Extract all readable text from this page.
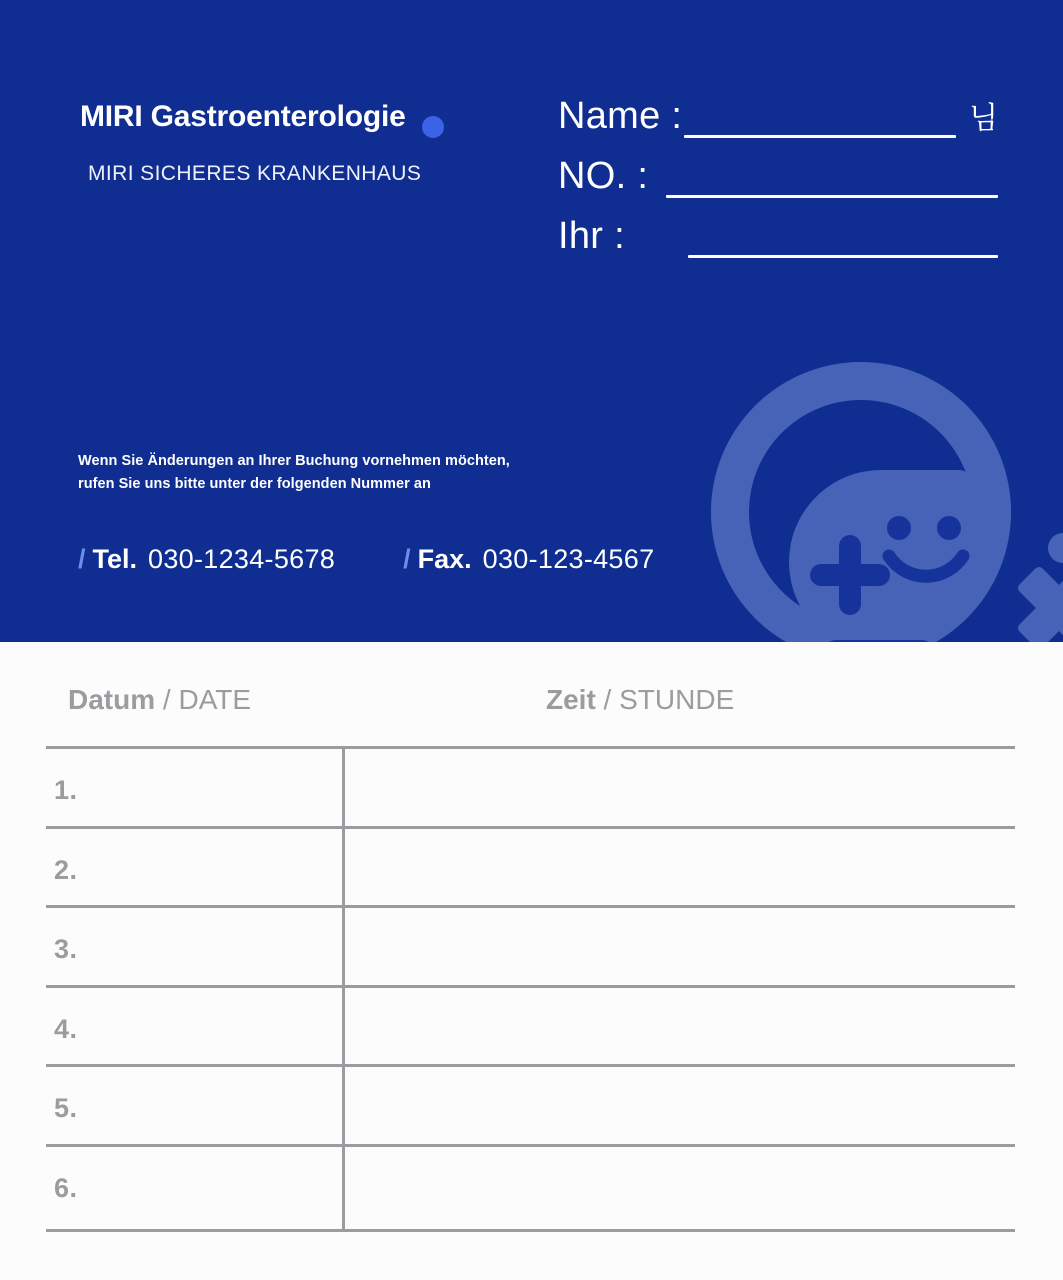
MIRI Gastroenterologie
MIRI SICHERES KRANKENHAUS
Name :	님
NO. :
Ihr :
Wenn Sie Änderungen an Ihrer Buchung vornehmen möchten,
rufen Sie uns bitte unter der folgenden Nummer an
/ Tel. 030-1234-5678	/ Fax. 030-123-4567
Datum / DATE	Zeit / STUNDE
1.
2.
3.
4.
5.
6.
